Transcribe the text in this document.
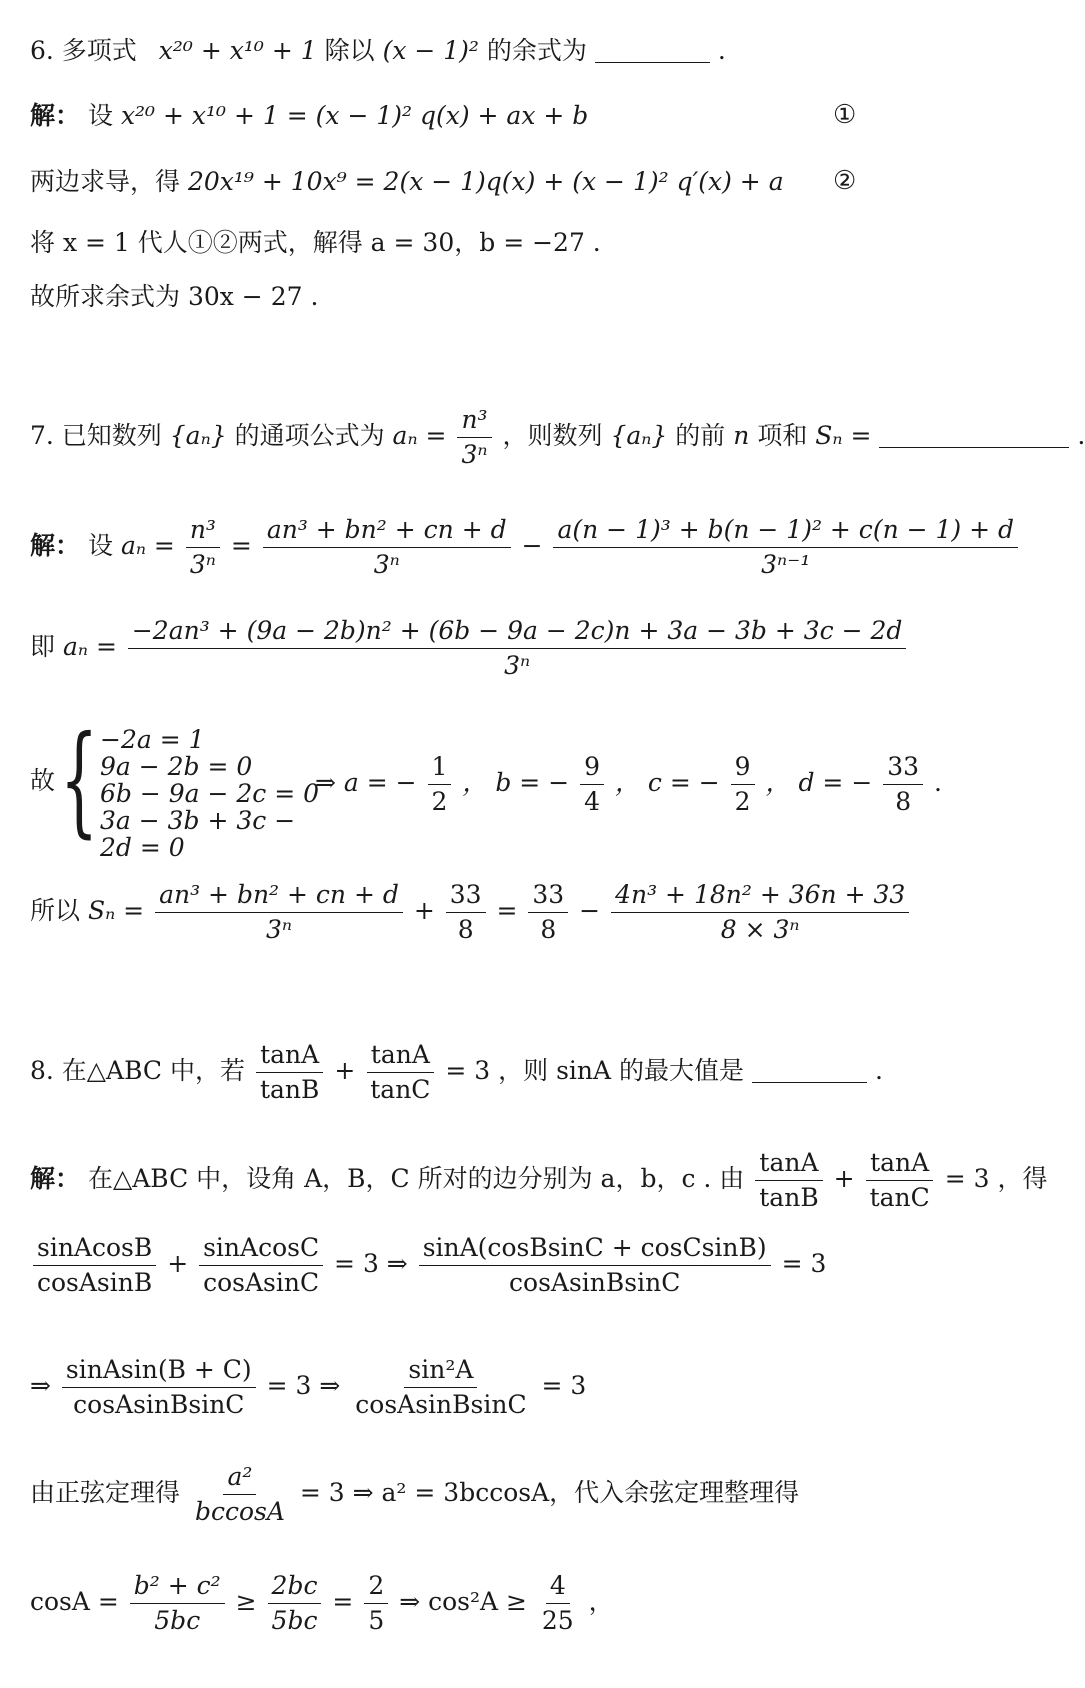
6. 多项式 x²⁰ + x¹⁰ + 1 除以 (x − 1)² 的余式为	.
解： 设 x²⁰ + x¹⁰ + 1 = (x − 1)² q(x) + ax + b	①
两边求导，得 20x¹⁹ + 10x⁹ = 2(x − 1)q(x) + (x − 1)² q′(x) + a ②
将 x = 1 代人①②两式，解得 a = 30，b = −27 .
故所求余式为 30x − 27 .
7. 已知数列 {aₙ} 的通项公式为 $a_n = \frac{\text{n³}}{\text{3ⁿ}}$ ，则数列 {aₙ} 的前 n 项和 Sₙ =	.
解： 设 $a_n = \frac{\text{n³}}{\text{3ⁿ}} = \frac{\text{an³ + bn² + cn + d}}{\text{3ⁿ}} - \frac{\text{a(n − 1)³ + b(n − 1)² + c(n − 1) + d}}{\text{3ⁿ⁻¹}}$
即 $a_n = \frac{\text{−2an³ + (9a − 2b)n² + (6b − 9a − 2c)n + 3a − 3b + 3c − 2d}}{\text{3ⁿ}}$
故 { −2a = 1
9a − 2b = 0
6b − 9a − 2c = 0
3a − 3b + 3c − 2d = 0
⇒ a = − $\frac{1}{2}$ ， b = − $\frac{9}{4}$ ， c = − $\frac{9}{2}$ ， d = − $\frac{33}{8}$ .
所以 $S_n = \frac{\text{an³ + bn² + cn + d}}{\text{3ⁿ}} + \frac{33}{8} = \frac{33}{8} - \frac{\text{4n³ + 18n² + 36n + 33}}{\text{8 × 3ⁿ}}$
8. 在△ABC 中，若 $\frac{\tan A}{\tan B} + \frac{\tan A}{\tan C} = 3$ ，则 sinA 的最大值是	.
解： 在△ABC 中，设角 A，B，C 所对的边分别为 a，b，c . 由 $\frac{\tan A}{\tan B} + \frac{\tan A}{\tan C} = 3$ ，得
$\frac{\text{sinAcosB}}{\text{cosAsinB}} + \frac{\text{sinAcosC}}{\text{cosAsinC}} = 3$ ⇒ $\frac{\text{sinA(cosBsinC + cosCsinB)}}{\text{cosAsinBsinC}} = 3$
⇒ $\frac{\text{sinAsin(B + C)}}{\text{cosAsinBsinC}} = 3$ ⇒ $\frac{\text{sin²A}}{\text{cosAsinBsinC}} = 3$
由正弦定理得 $\frac{\text{a²}}{bccosA} = 3$ ⇒ a² = 3bccosA，代入余弦定理整理得
$\cos A = \frac{\text{b² + c²}}{5bc} \ge \frac{2bc}{5bc} = \frac{2}{5}$ ⇒ $\cos^2A \ge \frac{4}{25}$ ，
